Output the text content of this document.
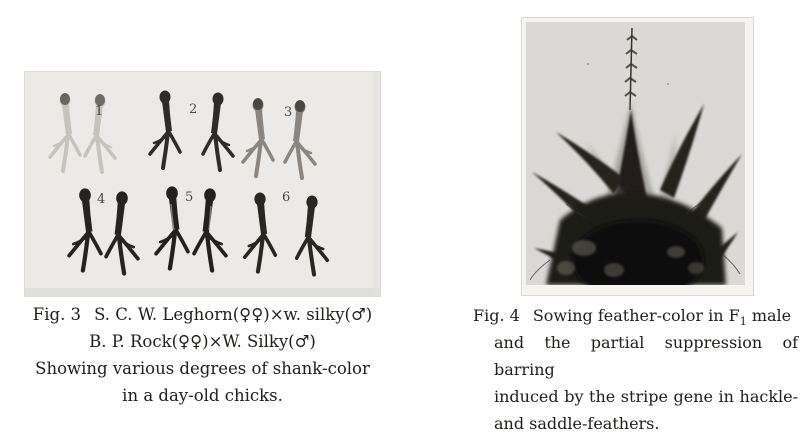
1	2	3
4	5	6
Fig. 3 S. C. W. Leghorn(♀♀)×w. silky(♂)
B. P. Rock(♀♀)×W. Silky(♂)
Showing various degrees of shank-color
in a day-old chicks.
Fig. 4 Sowing feather-color in $F_1$ male
and the partial suppression of barring
induced by the stripe gene in hackle-
and saddle-feathers.
